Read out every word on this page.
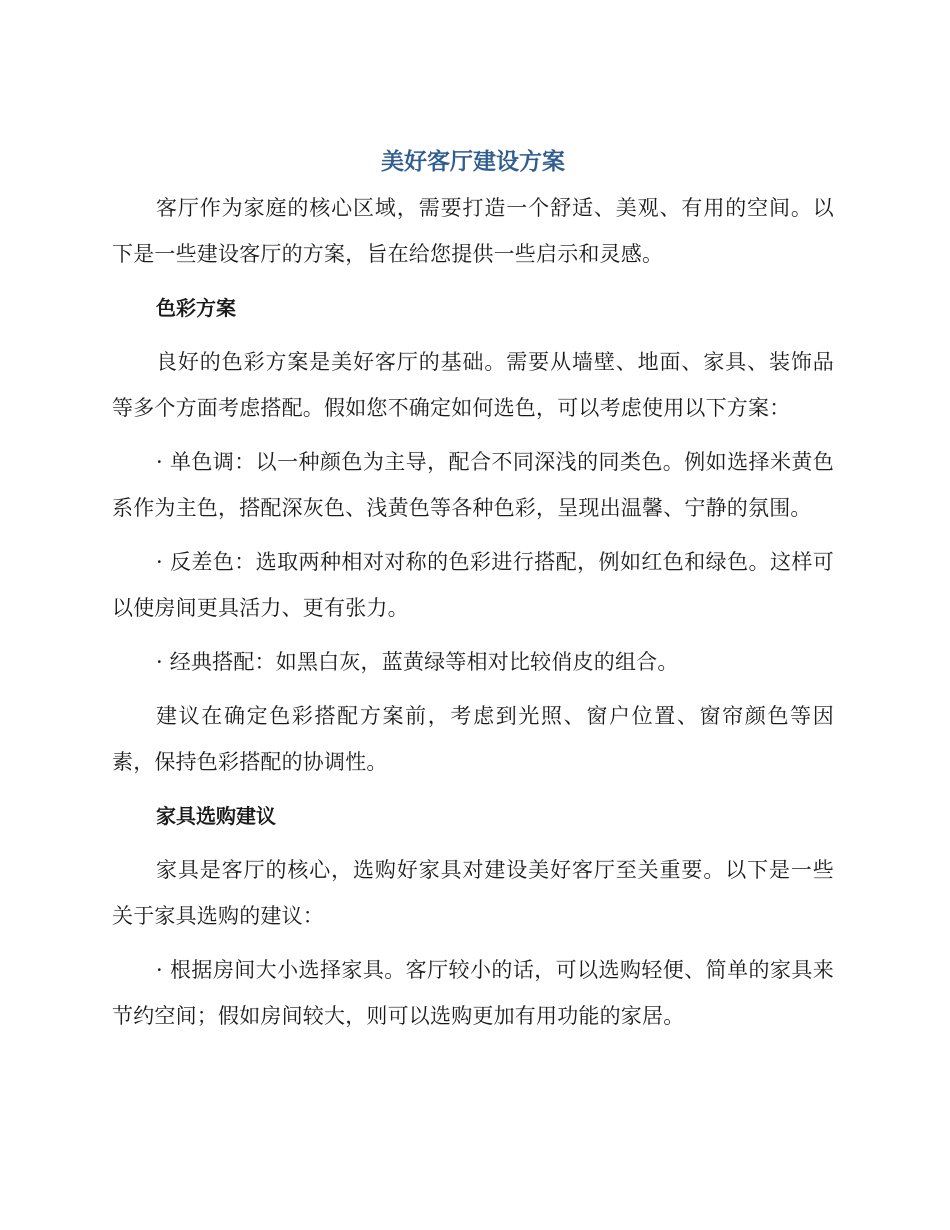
美好客厅建设方案

客厅作为家庭的核心区域，需要打造一个舒适、美观、有用的空间。以下是一些建设客厅的方案，旨在给您提供一些启示和灵感。

色彩方案

良好的色彩方案是美好客厅的基础。需要从墙壁、地面、家具、装饰品等多个方面考虑搭配。假如您不确定如何选色，可以考虑使用以下方案：

· 单色调：以一种颜色为主导，配合不同深浅的同类色。例如选择米黄色系作为主色，搭配深灰色、浅黄色等各种色彩，呈现出温馨、宁静的氛围。

· 反差色：选取两种相对对称的色彩进行搭配，例如红色和绿色。这样可以使房间更具活力、更有张力。

· 经典搭配：如黑白灰，蓝黄绿等相对比较俏皮的组合。

建议在确定色彩搭配方案前，考虑到光照、窗户位置、窗帘颜色等因素，保持色彩搭配的协调性。

家具选购建议

家具是客厅的核心，选购好家具对建设美好客厅至关重要。以下是一些关于家具选购的建议：

· 根据房间大小选择家具。客厅较小的话，可以选购轻便、简单的家具来节约空间；假如房间较大，则可以选购更加有用功能的家居。
